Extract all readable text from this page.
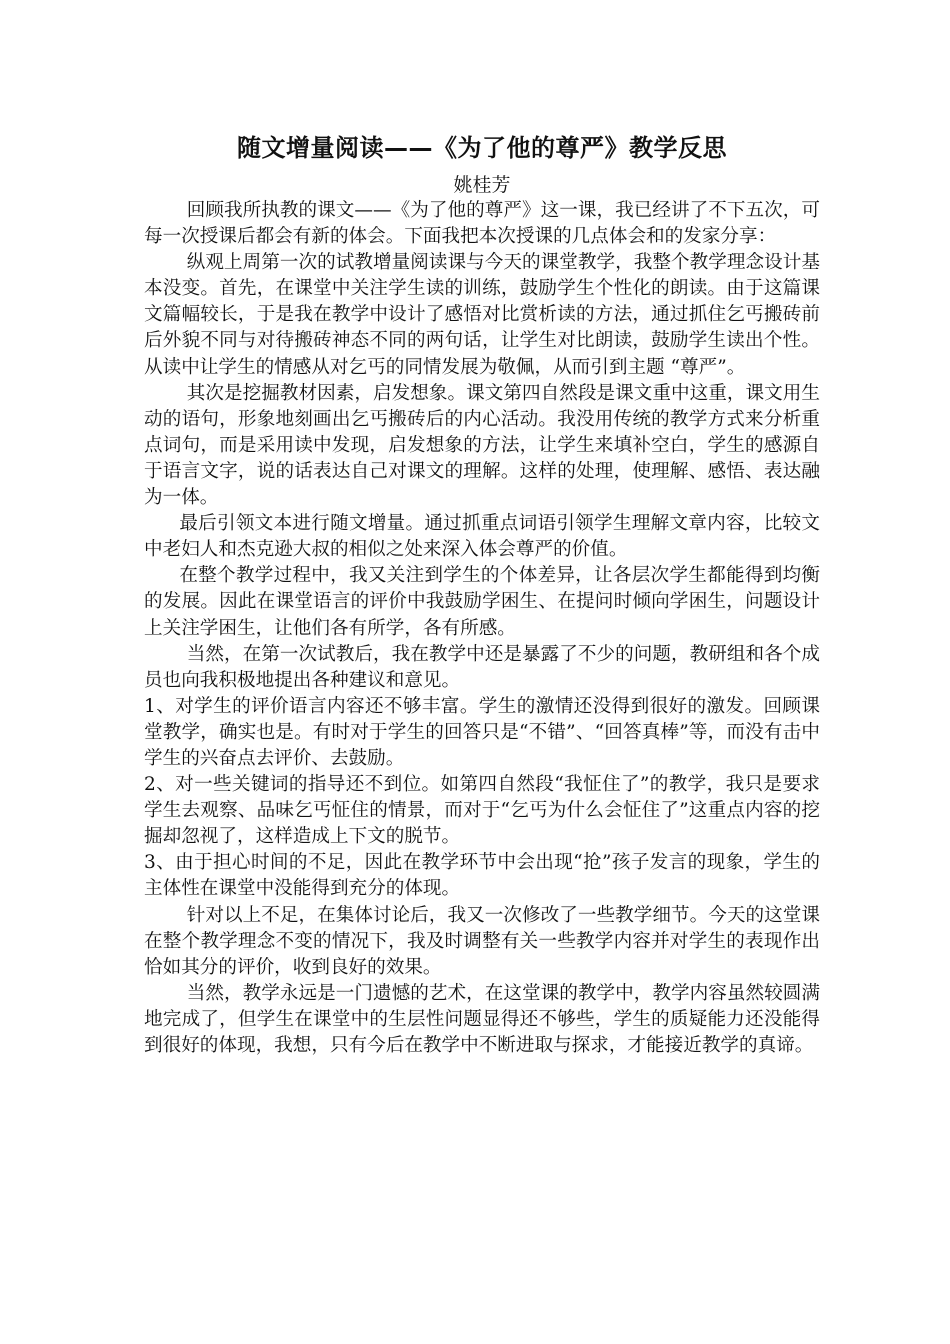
随文增量阅读——《为了他的尊严》教学反思
姚桂芳

回顾我所执教的课文——《为了他的尊严》这一课，我已经讲了不下五次，可每一次授课后都会有新的体会。下面我把本次授课的几点体会和的发家分享：

纵观上周第一次的试教增量阅读课与今天的课堂教学，我整个教学理念设计基本没变。首先，在课堂中关注学生读的训练，鼓励学生个性化的朗读。由于这篇课文篇幅较长，于是我在教学中设计了感悟对比赏析读的方法，通过抓住乞丐搬砖前后外貌不同与对待搬砖神态不同的两句话，让学生对比朗读，鼓励学生读出个性。从读中让学生的情感从对乞丐的同情发展为敬佩，从而引到主题 “尊严”。

其次是挖掘教材因素，启发想象。课文第四自然段是课文重中这重，课文用生动的语句，形象地刻画出乞丐搬砖后的内心活动。我没用传统的教学方式来分析重点词句，而是采用读中发现，启发想象的方法，让学生来填补空白，学生的感源自于语言文字，说的话表达自己对课文的理解。这样的处理，使理解、感悟、表达融为一体。

最后引领文本进行随文增量。通过抓重点词语引领学生理解文章内容，比较文中老妇人和杰克逊大叔的相似之处来深入体会尊严的价值。

在整个教学过程中，我又关注到学生的个体差异，让各层次学生都能得到均衡的发展。因此在课堂语言的评价中我鼓励学困生、在提问时倾向学困生，问题设计上关注学困生，让他们各有所学，各有所感。

当然，在第一次试教后，我在教学中还是暴露了不少的问题，教研组和各个成员也向我积极地提出各种建议和意见。

1、对学生的评价语言内容还不够丰富。学生的激情还没得到很好的激发。回顾课堂教学，确实也是。有时对于学生的回答只是“不错”、“回答真棒”等，而没有击中学生的兴奋点去评价、去鼓励。

2、对一些关键词的指导还不到位。如第四自然段“我怔住了”的教学，我只是要求学生去观察、品味乞丐怔住的情景，而对于“乞丐为什么会怔住了”这重点内容的挖掘却忽视了，这样造成上下文的脱节。

3、由于担心时间的不足，因此在教学环节中会出现“抢”孩子发言的现象，学生的主体性在课堂中没能得到充分的体现。

针对以上不足，在集体讨论后，我又一次修改了一些教学细节。今天的这堂课在整个教学理念不变的情况下，我及时调整有关一些教学内容并对学生的表现作出恰如其分的评价，收到良好的效果。

当然，教学永远是一门遗憾的艺术，在这堂课的教学中，教学内容虽然较圆满地完成了，但学生在课堂中的生层性问题显得还不够些，学生的质疑能力还没能得到很好的体现，我想，只有今后在教学中不断进取与探求，才能接近教学的真谛。
